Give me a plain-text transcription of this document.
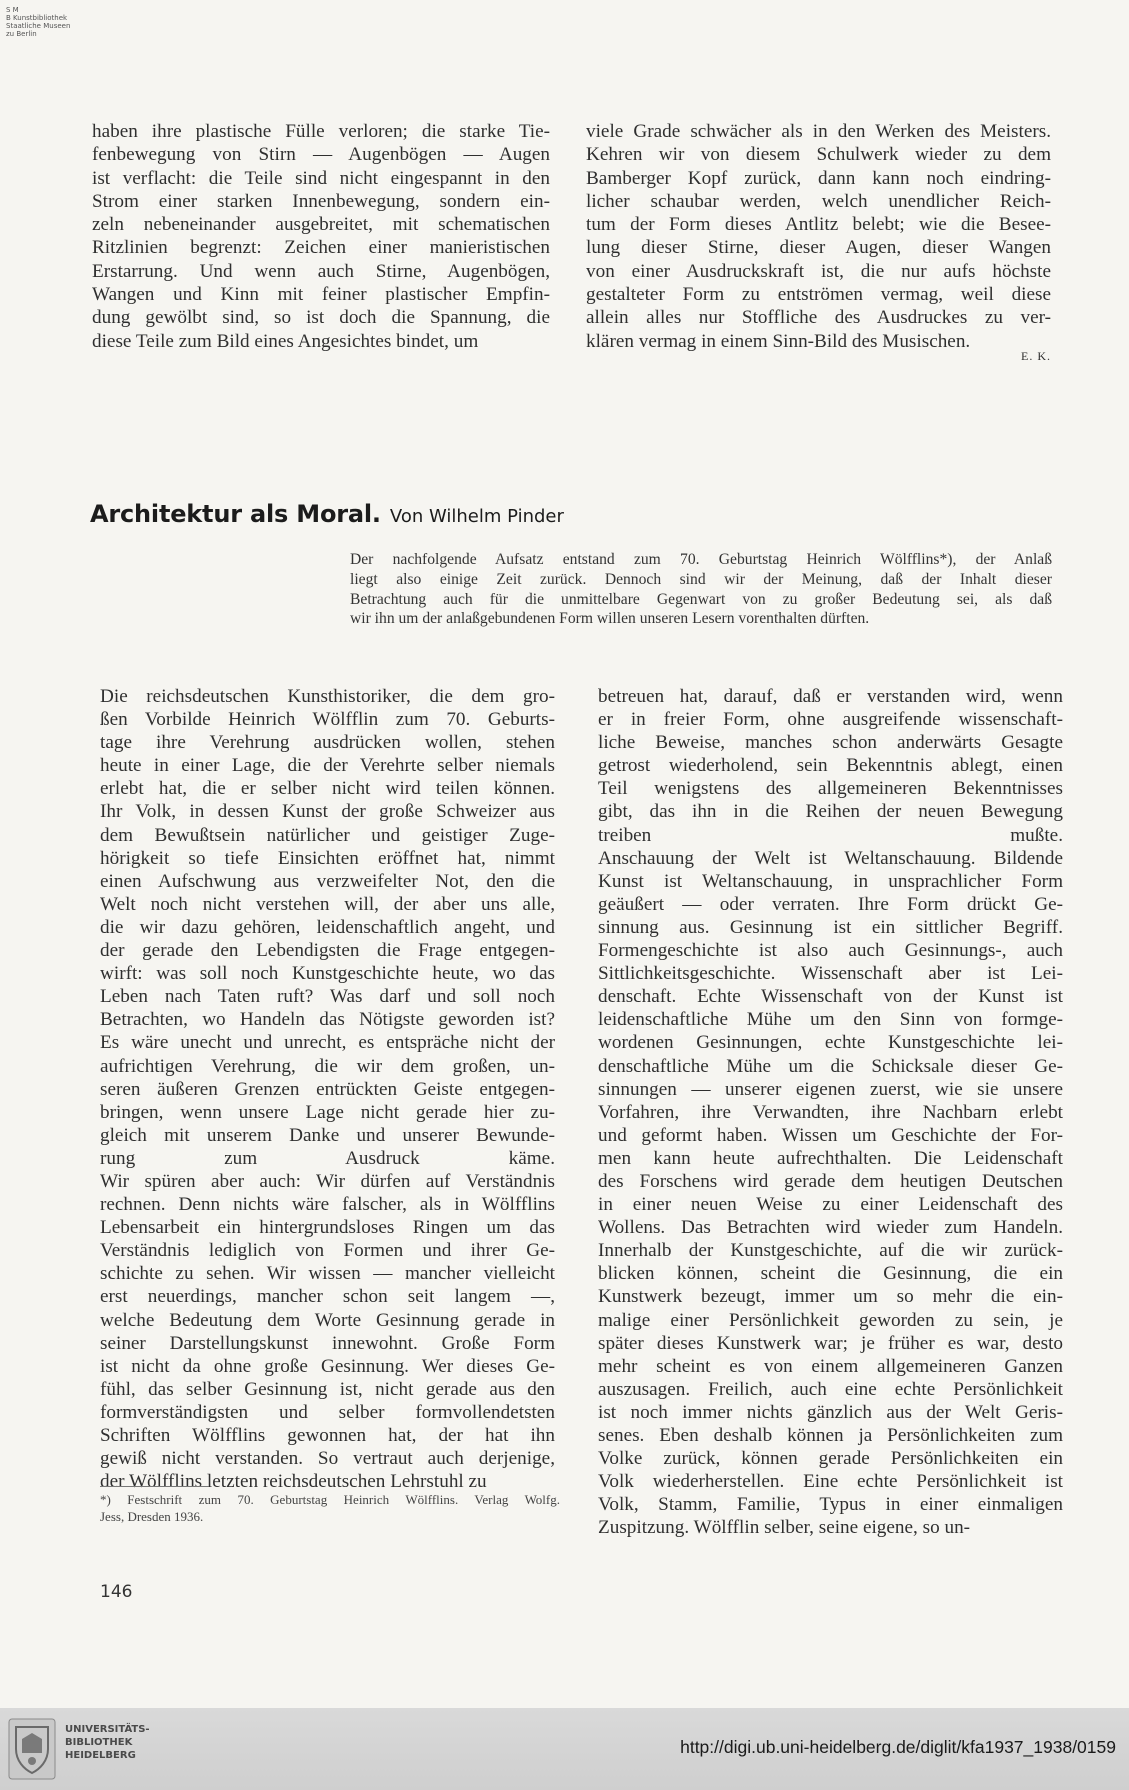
S M
B Kunstbibliothek
Staatliche Museen
zu Berlin

haben ihre plastische Fülle verloren; die starke Tie-

fenbewegung von Stirn — Augenbögen — Augen

ist verflacht: die Teile sind nicht eingespannt in den

Strom einer starken Innenbewegung, sondern ein-

zeln nebeneinander ausgebreitet, mit schematischen

Ritzlinien begrenzt: Zeichen einer manieristischen

Erstarrung. Und wenn auch Stirne, Augenbögen,

Wangen und Kinn mit feiner plastischer Empfin-

dung gewölbt sind, so ist doch die Spannung, die

diese Teile zum Bild eines Angesichtes bindet, um

viele Grade schwächer als in den Werken des Meisters.

Kehren wir von diesem Schulwerk wieder zu dem

Bamberger Kopf zurück, dann kann noch eindring-

licher schaubar werden, welch unendlicher Reich-

tum der Form dieses Antlitz belebt; wie die Besee-

lung dieser Stirne, dieser Augen, dieser Wangen

von einer Ausdruckskraft ist, die nur aufs höchste

gestalteter Form zu entströmen vermag, weil diese

allein alles nur Stoffliche des Ausdruckes zu ver-

klären vermag in einem Sinn-Bild des Musischen.

E. K.
Architektur als Moral. Von Wilhelm Pinder

Der nachfolgende Aufsatz entstand zum 70. Geburtstag Heinrich Wölfflins*), der Anlaß

liegt also einige Zeit zurück. Dennoch sind wir der Meinung, daß der Inhalt dieser

Betrachtung auch für die unmittelbare Gegenwart von zu großer Bedeutung sei, als daß

wir ihn um der anlaßgebundenen Form willen unseren Lesern vorenthalten dürften.

Die reichsdeutschen Kunsthistoriker, die dem gro-

ßen Vorbilde Heinrich Wölfflin zum 70. Geburts-

tage ihre Verehrung ausdrücken wollen, stehen

heute in einer Lage, die der Verehrte selber niemals

erlebt hat, die er selber nicht wird teilen können.

Ihr Volk, in dessen Kunst der große Schweizer aus

dem Bewußtsein natürlicher und geistiger Zuge-

hörigkeit so tiefe Einsichten eröffnet hat, nimmt

einen Aufschwung aus verzweifelter Not, den die

Welt noch nicht verstehen will, der aber uns alle,

die wir dazu gehören, leidenschaftlich angeht, und

der gerade den Lebendigsten die Frage entgegen-

wirft: was soll noch Kunstgeschichte heute, wo das

Leben nach Taten ruft? Was darf und soll noch

Betrachten, wo Handeln das Nötigste geworden ist?

Es wäre unecht und unrecht, es entspräche nicht der

aufrichtigen Verehrung, die wir dem großen, un-

seren äußeren Grenzen entrückten Geiste entgegen-

bringen, wenn unsere Lage nicht gerade hier zu-

gleich mit unserem Danke und unserer Bewunde-

rung zum Ausdruck käme.

Wir spüren aber auch: Wir dürfen auf Verständnis

rechnen. Denn nichts wäre falscher, als in Wölfflins

Lebensarbeit ein hintergrundsloses Ringen um das

Verständnis lediglich von Formen und ihrer Ge-

schichte zu sehen. Wir wissen — mancher vielleicht

erst neuerdings, mancher schon seit langem —,

welche Bedeutung dem Worte Gesinnung gerade in

seiner Darstellungskunst innewohnt. Große Form

ist nicht da ohne große Gesinnung. Wer dieses Ge-

fühl, das selber Gesinnung ist, nicht gerade aus den

formverständigsten und selber formvollendetsten

Schriften Wölfflins gewonnen hat, der hat ihn

gewiß nicht verstanden. So vertraut auch derjenige,

der Wölfflins letzten reichsdeutschen Lehrstuhl zu

betreuen hat, darauf, daß er verstanden wird, wenn

er in freier Form, ohne ausgreifende wissenschaft-

liche Beweise, manches schon anderwärts Gesagte

getrost wiederholend, sein Bekenntnis ablegt, einen

Teil wenigstens des allgemeineren Bekenntnisses

gibt, das ihn in die Reihen der neuen Bewegung

treiben mußte.

Anschauung der Welt ist Weltanschauung. Bildende

Kunst ist Weltanschauung, in unsprachlicher Form

geäußert — oder verraten. Ihre Form drückt Ge-

sinnung aus. Gesinnung ist ein sittlicher Begriff.

Formengeschichte ist also auch Gesinnungs-, auch

Sittlichkeitsgeschichte. Wissenschaft aber ist Lei-

denschaft. Echte Wissenschaft von der Kunst ist

leidenschaftliche Mühe um den Sinn von formge-

wordenen Gesinnungen, echte Kunstgeschichte lei-

denschaftliche Mühe um die Schicksale dieser Ge-

sinnungen — unserer eigenen zuerst, wie sie unsere

Vorfahren, ihre Verwandten, ihre Nachbarn erlebt

und geformt haben. Wissen um Geschichte der For-

men kann heute aufrechthalten. Die Leidenschaft

des Forschens wird gerade dem heutigen Deutschen

in einer neuen Weise zu einer Leidenschaft des

Wollens. Das Betrachten wird wieder zum Handeln.

Innerhalb der Kunstgeschichte, auf die wir zurück-

blicken können, scheint die Gesinnung, die ein

Kunstwerk bezeugt, immer um so mehr die ein-

malige einer Persönlichkeit geworden zu sein, je

später dieses Kunstwerk war; je früher es war, desto

mehr scheint es von einem allgemeineren Ganzen

auszusagen. Freilich, auch eine echte Persönlichkeit

ist noch immer nichts gänzlich aus der Welt Geris-

senes. Eben deshalb können ja Persönlichkeiten zum

Volke zurück, können gerade Persönlichkeiten ein

Volk wiederherstellen. Eine echte Persönlichkeit ist

Volk, Stamm, Familie, Typus in einer einmaligen

Zuspitzung. Wölfflin selber, seine eigene, so un-

*) Festschrift zum 70. Geburtstag Heinrich Wölfflins. Verlag Wolfg.

Jess, Dresden 1936.

146
UNIVERSITÄTS-
BIBLIOTHEK
HEIDELBERG	http://digi.ub.uni-heidelberg.de/diglit/kfa1937_1938/0159
